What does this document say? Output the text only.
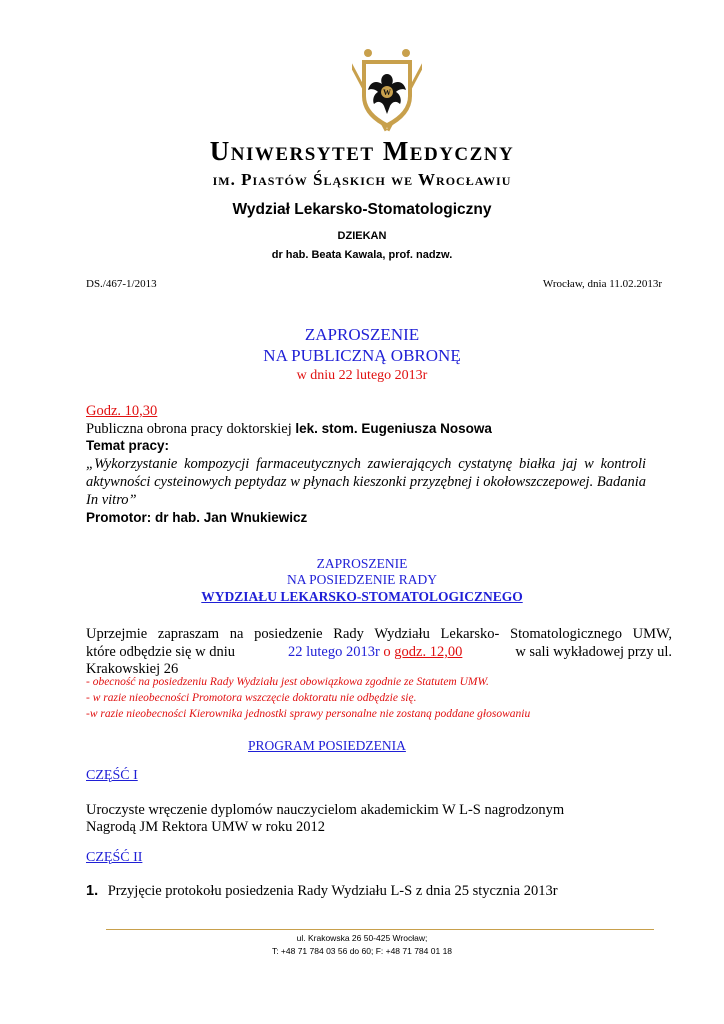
W
Uniwersytet Medyczny
im. Piastów Śląskich we Wrocławiu
Wydział Lekarsko-Stomatologiczny
DZIEKAN
dr hab. Beata Kawala, prof. nadzw.
DS./467-1/2013	Wrocław, dnia 11.02.2013r
ZAPROSZENIE
NA PUBLICZNĄ OBRONĘ
w dniu 22 lutego 2013r
Godz. 10,30
Publiczna obrona pracy doktorskiej lek. stom. Eugeniusza Nosowa
Temat pracy:
„Wykorzystanie kompozycji farmaceutycznych zawierających cystatynę białka jaj w kontroli aktywności cysteinowych peptydaz w płynach kieszonki przyzębnej i okołowszczepowej. Badania In vitro”
Promotor: dr hab. Jan Wnukiewicz
ZAPROSZENIE
NA POSIEDZENIE RADY
WYDZIAŁU LEKARSKO-STOMATOLOGICZNEGO
Uprzejmie zapraszam na posiedzenie Rady Wydziału Lekarsko- Stomatologicznego UMW,
które odbędzie się w dniu	22 lutego 2013r o godz. 12,00	w sali wykładowej przy ul.
Krakowskiej 26
- obecność na posiedzeniu Rady Wydziału jest obowiązkowa zgodnie ze Statutem UMW.
- w razie nieobecności Promotora wszczęcie doktoratu nie odbędzie się.
-w razie nieobecności Kierownika jednostki sprawy personalne nie zostaną poddane głosowaniu
PROGRAM POSIEDZENIA
CZĘŚĆ I
Uroczyste wręczenie dyplomów nauczycielom akademickim W L-S nagrodzonym
Nagrodą JM Rektora UMW w roku 2012
CZĘŚĆ II
1. Przyjęcie protokołu posiedzenia Rady Wydziału L-S z dnia 25 stycznia 2013r
ul. Krakowska 26 50-425 Wrocław;
T: +48 71 784 03 56 do 60; F: +48 71 784 01 18
